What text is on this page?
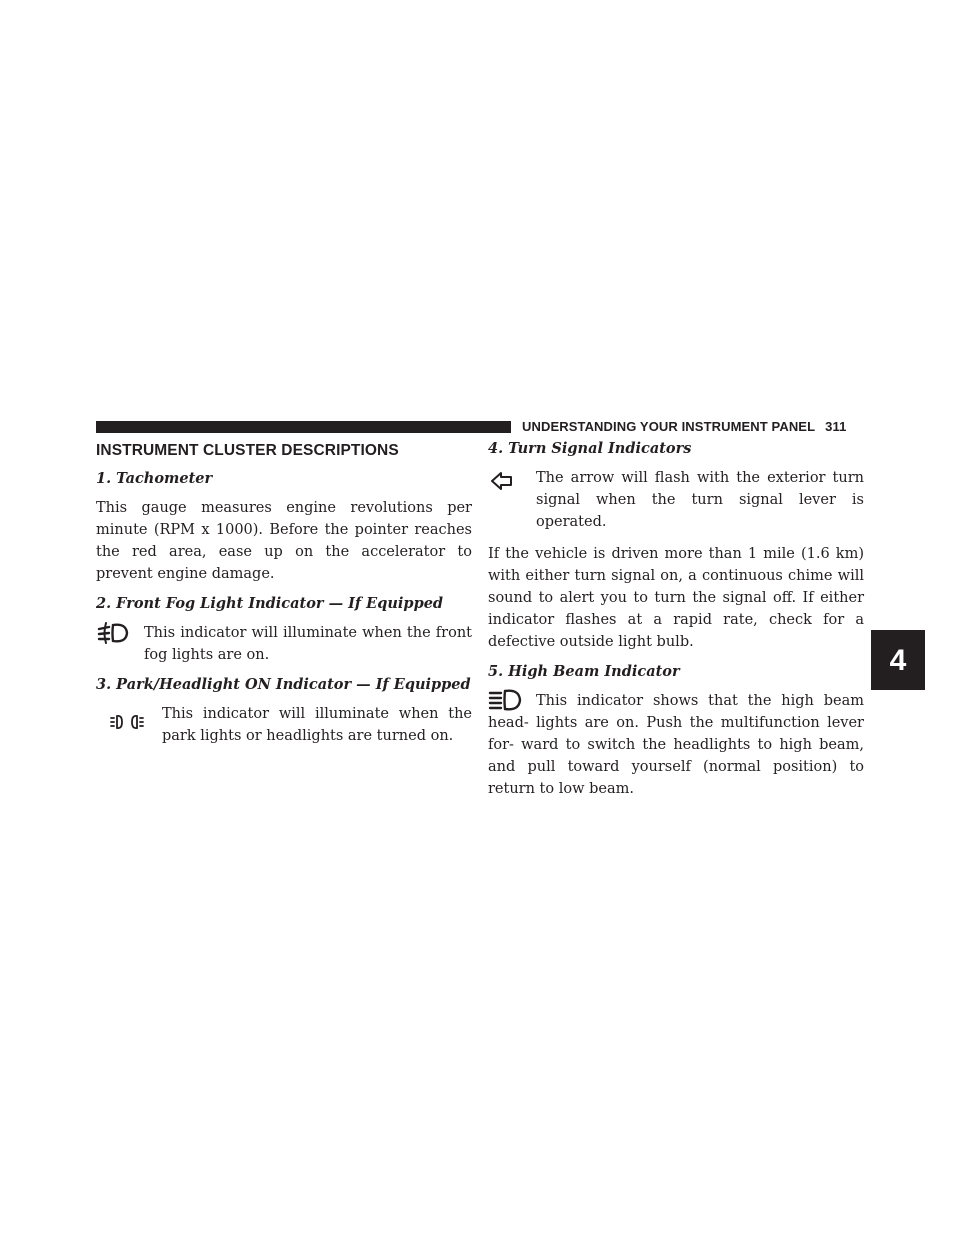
UNDERSTANDING YOUR INSTRUMENT PANEL 311
4
INSTRUMENT CLUSTER DESCRIPTIONS
1. Tachometer

This gauge measures engine revolutions per minute (RPM x 1000). Before the pointer reaches the red area, ease up on the accelerator to prevent engine damage.

2. Front Fog Light Indicator — If Equipped
This indicator will illuminate when the front fog lights are on.
3. Park/Headlight ON Indicator — If Equipped
This indicator will illuminate when the park lights or headlights are turned on.
4. Turn Signal Indicators
The arrow will flash with the exterior turn signal when the turn signal lever is operated.

If the vehicle is driven more than 1 mile (1.6 km) with either turn signal on, a continuous chime will sound to alert you to turn the signal off. If either indicator flashes at a rapid rate, check for a defective outside light bulb.

5. High Beam Indicator
This indicator shows that the high beam head- lights are on. Push the multifunction lever for- ward to switch the headlights to high beam, and pull toward yourself (normal position) to return to low beam.
